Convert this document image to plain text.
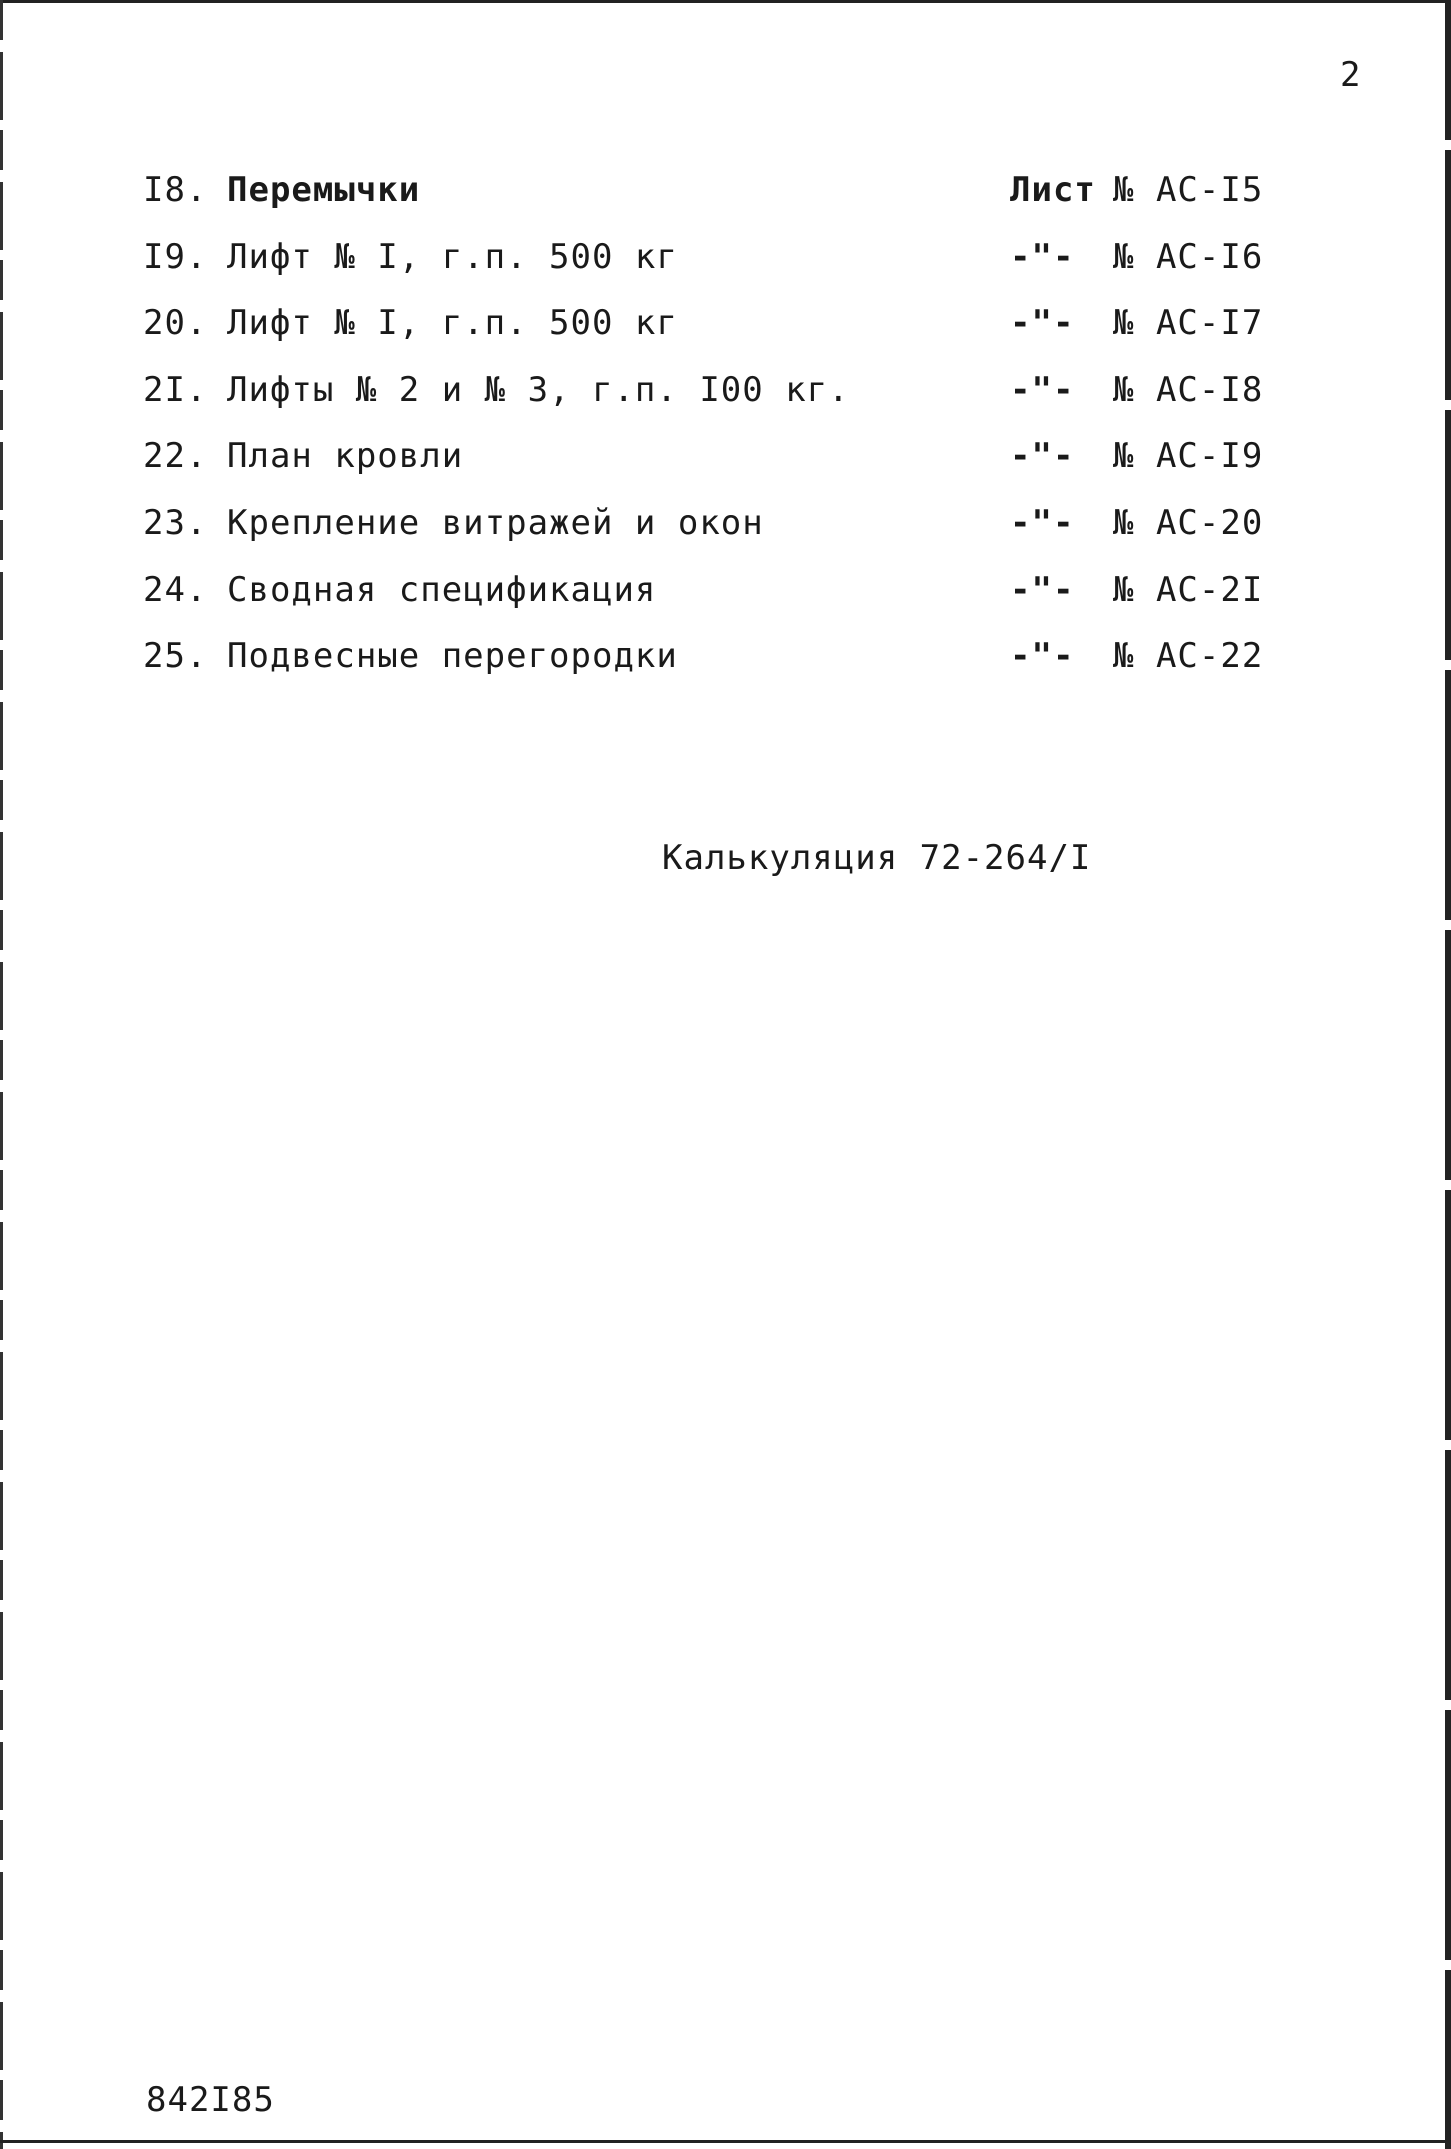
2
I8. Перемычки	Лист № АС-I5
I9. Лифт № I, г.п. 500 кг	-"- № АС-I6
20. Лифт № I, г.п. 500 кг	-"- № АС-I7
2I. Лифты № 2 и № 3, г.п. I00 кг.	-"- № АС-I8
22. План кровли	-"- № АС-I9
23. Крепление витражей и окон	-"- № АС-20
24. Сводная спецификация	-"- № АС-2I
25. Подвесные перегородки	-"- № АС-22
Калькуляция 72-264/I
842I85
